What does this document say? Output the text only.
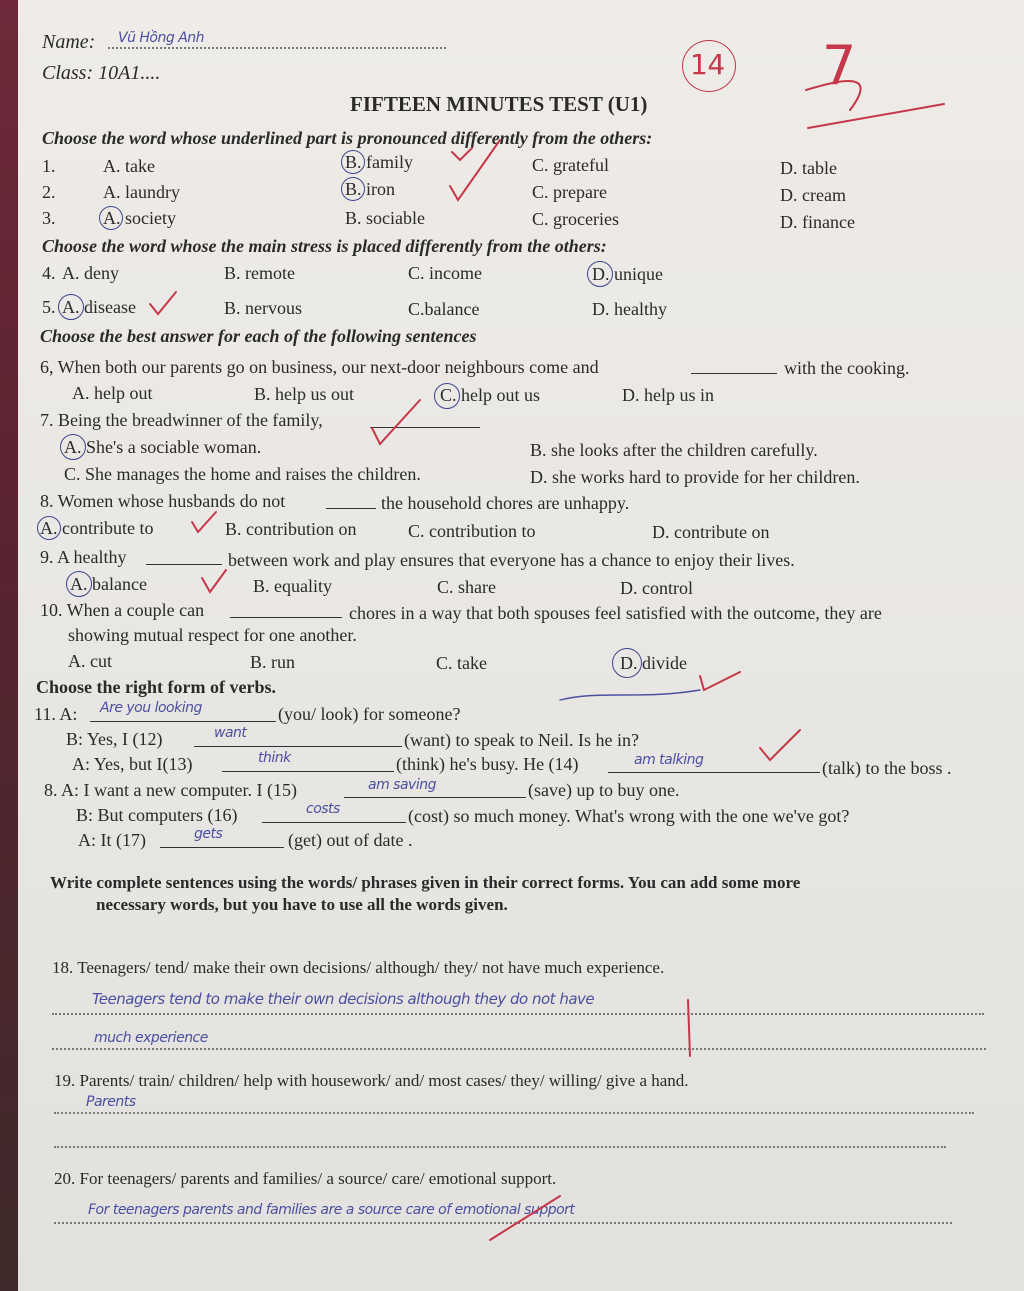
Name: Vũ Hồng Anh
Class: 10A1....	14 7
FIFTEEN MINUTES TEST (U1)
Choose the word whose underlined part is pronounced differently from the others:
1.	A. take	B. family	C. grateful	D. table
2.	A. laundry	B. iron	C. prepare	D. cream
3.	A. society	B. sociable	C. groceries	D. finance
Choose the word whose the main stress is placed differently from the others:
4. A. deny	B. remote	C. income	D. unique
5. A. disease	B. nervous	C.balance	D. healthy
Choose the best answer for each of the following sentences
6, When both our parents go on business, our next-door neighbours come and	with the cooking.
A. help out	B. help us out	C. help out us	D. help us in
7. Being the breadwinner of the family,
A. She's a sociable woman.	B. she looks after the children carefully.
C. She manages the home and raises the children.	D. she works hard to provide for her children.
8. Women whose husbands do not	the household chores are unhappy.
A. contribute to	B. contribution on	C. contribution to	D. contribute on
9. A healthy	between work and play ensures that everyone has a chance to enjoy their lives.
A. balance	B. equality	C. share	D. control
10. When a couple can	chores in a way that both spouses feel satisfied with the outcome, they are
showing mutual respect for one another.
A. cut	B. run	C. take	D. divide
Choose the right form of verbs.
11. A: Are you looking	(you/ look) for someone?
B: Yes, I (12)	want	(want) to speak to Neil. Is he in?
A: Yes, but I(13)	think	(think) he's busy. He (14)	am talking	(talk) to the boss .
8. A: I want a new computer. I (15)	am saving	(save) up to buy one.
B: But computers (16)	costs	(cost) so much money. What's wrong with the one we've got?
A: It (17)	gets	(get) out of date .
Write complete sentences using the words/ phrases given in their correct forms. You can add some more
necessary words, but you have to use all the words given.
18. Teenagers/ tend/ make their own decisions/ although/ they/ not have much experience.
Teenagers tend to make their own decisions although they do not have
much experience
19. Parents/ train/ children/ help with housework/ and/ most cases/ they/ willing/ give a hand.
Parents
20. For teenagers/ parents and families/ a source/ care/ emotional support.
For teenagers parents and families are a source care of emotional support
